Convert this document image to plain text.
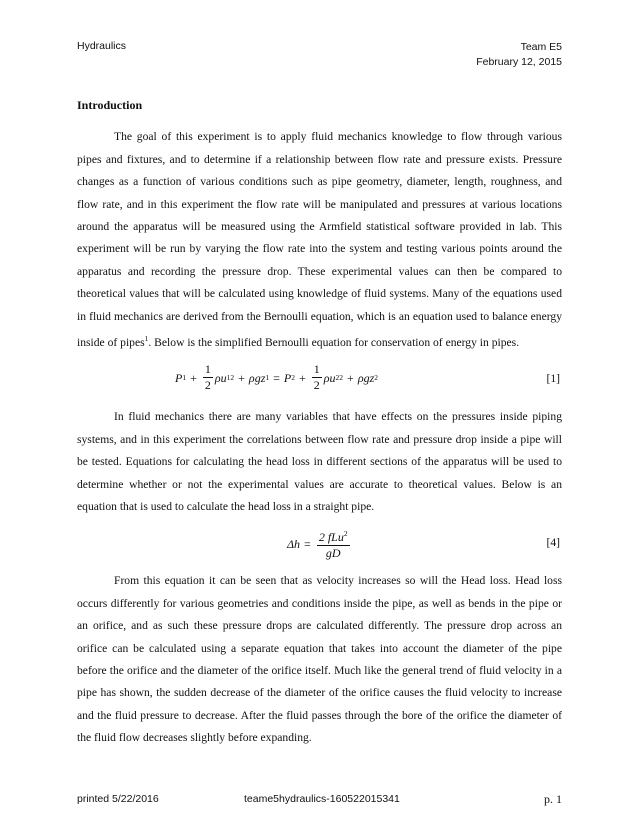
Hydraulics	Team E5
February 12, 2015
Introduction

The goal of this experiment is to apply fluid mechanics knowledge to flow through various pipes and fixtures, and to determine if a relationship between flow rate and pressure exists. Pressure changes as a function of various conditions such as pipe geometry, diameter, length, roughness, and flow rate, and in this experiment the flow rate will be manipulated and pressures at various locations around the apparatus will be measured using the Armfield statistical software provided in lab. This experiment will be run by varying the flow rate into the system and testing various points around the apparatus and recording the pressure drop. These experimental values can then be compared to theoretical values that will be calculated using knowledge of fluid systems. Many of the equations used in fluid mechanics are derived from the Bernoulli equation, which is an equation used to balance energy inside of pipes$^1$. Below is the simplified Bernoulli equation for conservation of energy in pipes.

P $1 + \frac{1}{2}$ ρ u 1 2 + ρ g z 1 = P $2 + \frac{1}{2}$ ρ u 2 2 + ρ g z 2	[1]

In fluid mechanics there are many variables that have effects on the pressures inside piping systems, and in this experiment the correlations between flow rate and pressure drop inside a pipe will be tested. Equations for calculating the head loss in different sections of the apparatus will be used to determine whether or not the experimental values are accurate to theoretical values. Below is an equation that is used to calculate the head loss in a straight pipe.

$\Delta h = \frac{2 fLu^2}{gD}$	[4]

From this equation it can be seen that as velocity increases so will the Head loss. Head loss occurs differently for various geometries and conditions inside the pipe, as well as bends in the pipe or an orifice, and as such these pressure drops are calculated differently. The pressure drop across an orifice can be calculated using a separate equation that takes into account the diameter of the pipe before the orifice and the diameter of the orifice itself. Much like the general trend of fluid velocity in a pipe has shown, the sudden decrease of the diameter of the orifice causes the fluid velocity to increase and the fluid pressure to decrease. After the fluid passes through the bore of the orifice the diameter of the fluid flow decreases slightly before expanding.

printed 5/22/2016	teame5hydraulics-160522015341	p. 1
